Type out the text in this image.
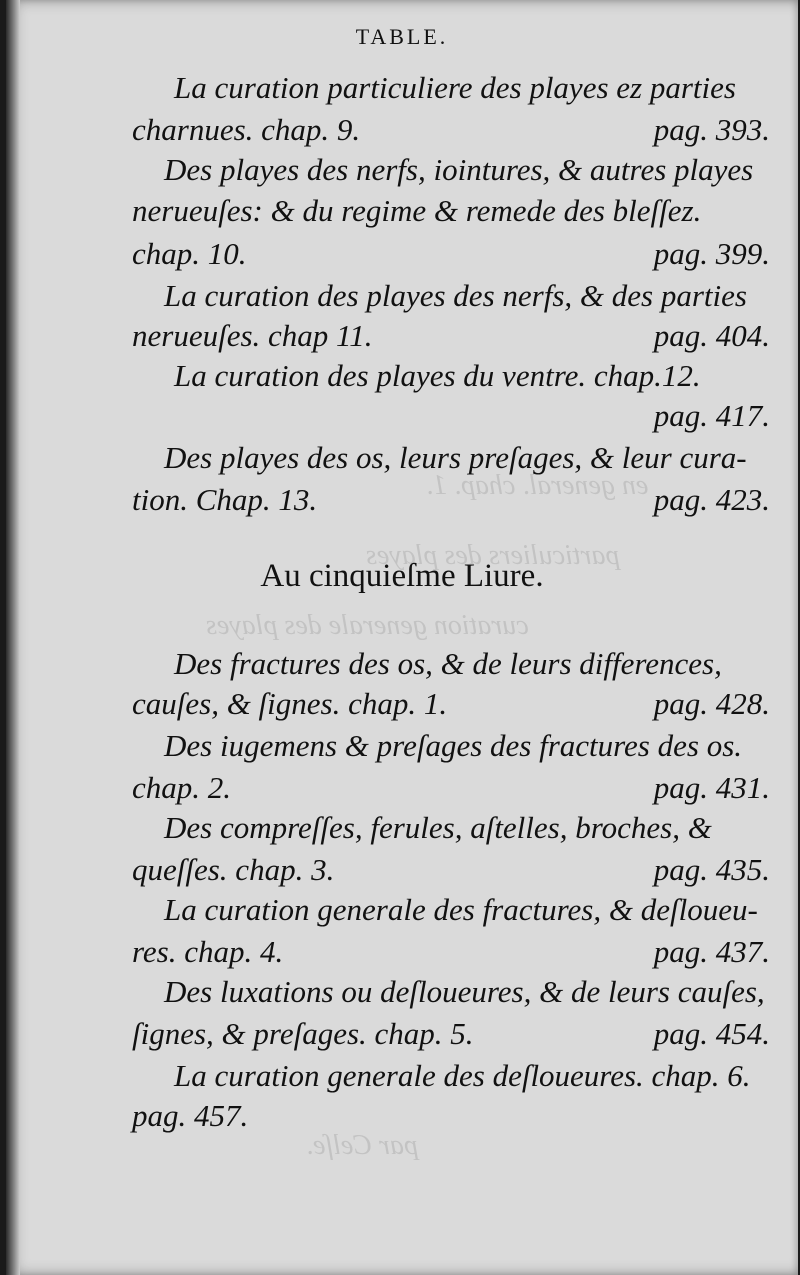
en general. chap. 1.
particuliers des playes
curation generale des playes
par Celſe.
TABLE.
La curation particuliere des playes ez parties
charnues. chap. 9.	pag. 393.
Des playes des nerfs, iointures, & autres playes
nerueuſes: & du regime & remede des bleſſez.
chap. 10.	pag. 399.
La curation des playes des nerfs, & des parties
nerueuſes. chap 11.	pag. 404.
La curation des playes du ventre. chap.12.
pag. 417.
Des playes des os, leurs preſages, & leur cura-
tion. Chap. 13.	pag. 423.
Au cinquieſme Liure.
Des fractures des os, & de leurs differences,
cauſes, & ſignes. chap. 1.	pag. 428.
Des iugemens & preſages des fractures des os.
chap. 2.	pag. 431.
Des compreſſes, ferules, aſtelles, broches, &
queſſes. chap. 3.	pag. 435.
La curation generale des fractures, & deſloueu-
res. chap. 4.	pag. 437.
Des luxations ou deſloueures, & de leurs cauſes,
ſignes, & preſages. chap. 5.	pag. 454.
La curation generale des deſloueures. chap. 6.
pag. 457.
